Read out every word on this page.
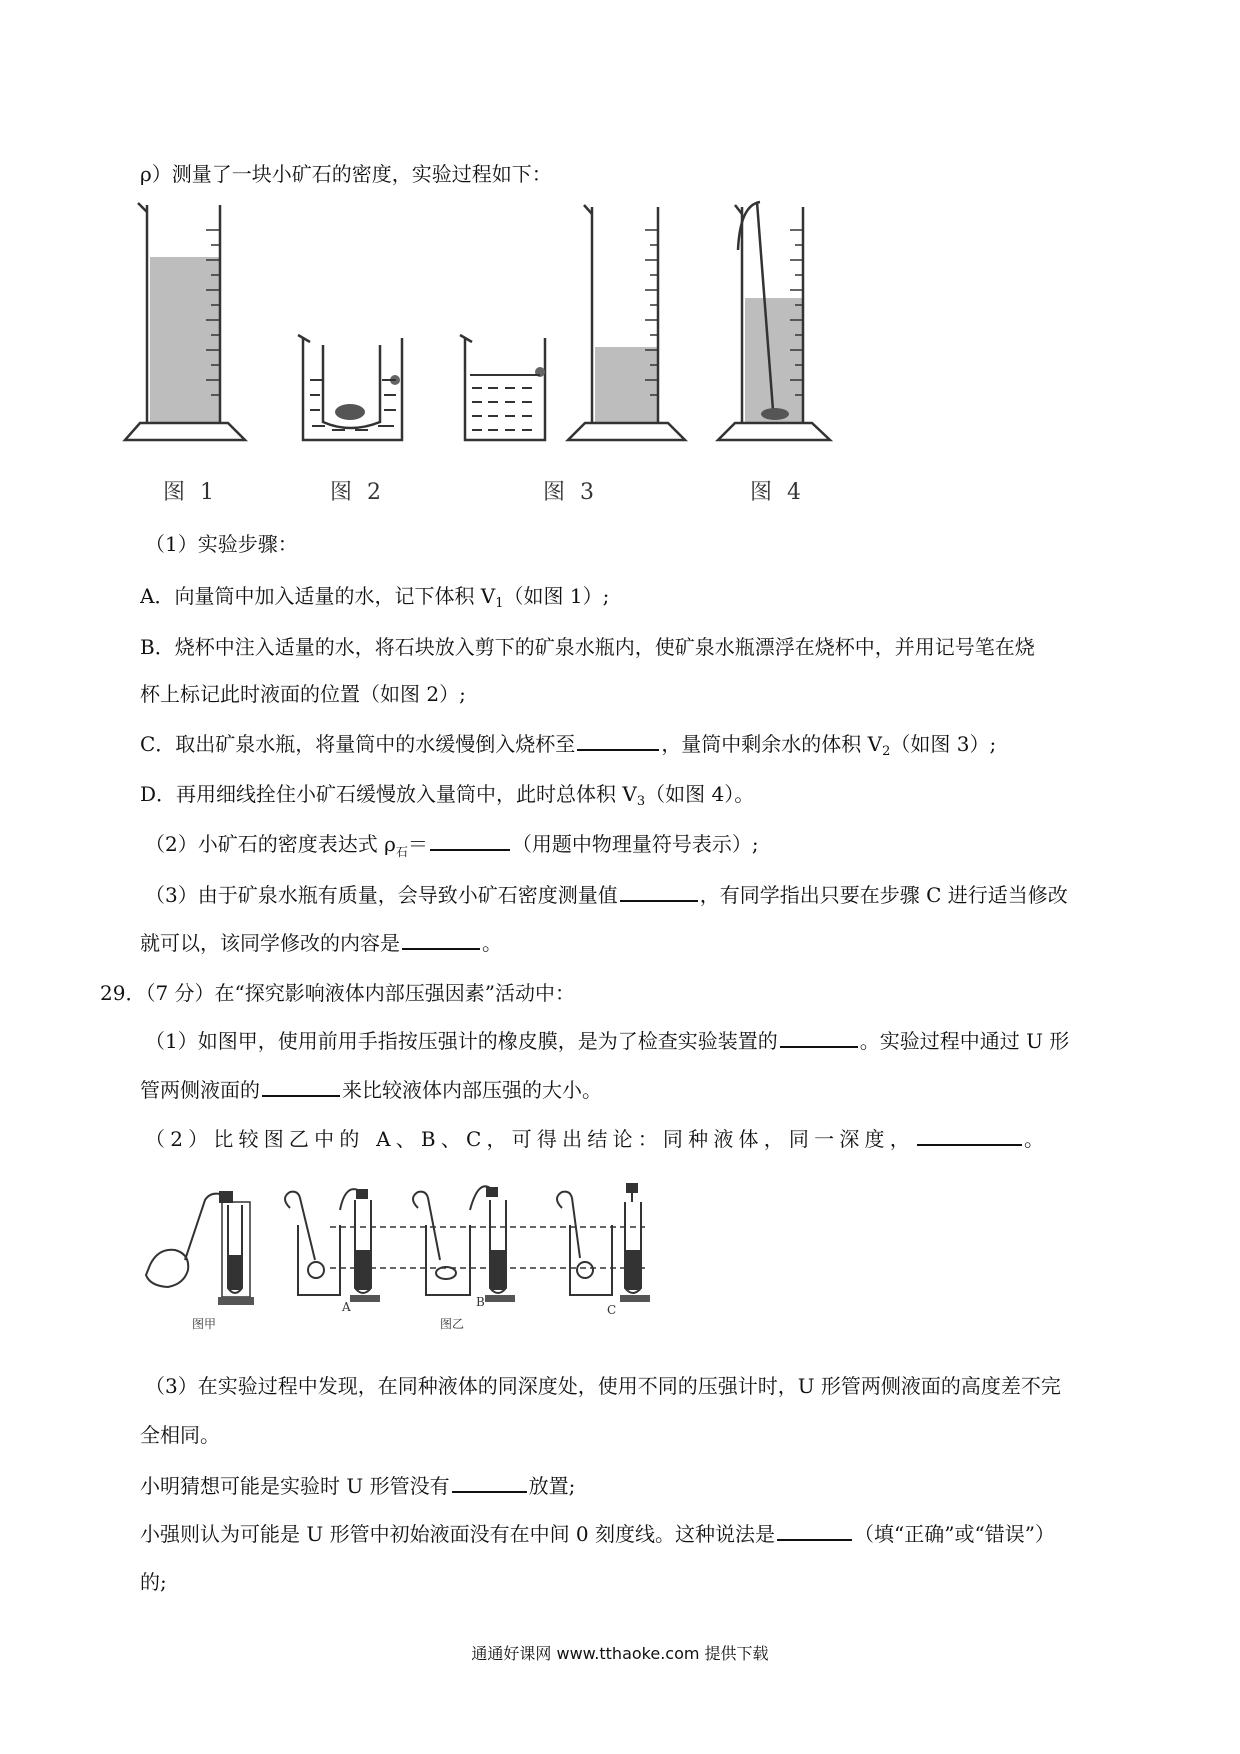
ρ）测量了一块小矿石的密度，实验过程如下：
图 1	图 2	图 3	图 4
（1）实验步骤：
A．向量筒中加入适量的水，记下体积 $V_1$（如图 1）;
B．烧杯中注入适量的水，将石块放入剪下的矿泉水瓶内，使矿泉水瓶漂浮在烧杯中，并用记号笔在烧
杯上标记此时液面的位置（如图 2）;
C．取出矿泉水瓶，将量筒中的水缓慢倒入烧杯至	，量筒中剩余水的体积 $V_2$（如图 3）;
D．再用细线拴住小矿石缓慢放入量筒中，此时总体积 $V_3$（如图 4）。
（2）小矿石的密度表达式 $\rho_石=$	（用题中物理量符号表示）;
（3）由于矿泉水瓶有质量，会导致小矿石密度测量值	，有同学指出只要在步骤 C 进行适当修改
就可以，该同学修改的内容是	。
29．（7 分）在“探究影响液体内部压强因素”活动中：
（1）如图甲，使用前用手指按压强计的橡皮膜，是为了检查实验装置的	。实验过程中通过 U 形
管两侧液面的	来比较液体内部压强的大小。
（2）比较图乙中的 A、B、C，可得出结论：同种液体，同一深度，	。
图甲
A	B
图乙
C
（3）在实验过程中发现，在同种液体的同深度处，使用不同的压强计时，U 形管两侧液面的高度差不完
全相同。
小明猜想可能是实验时 U 形管没有	放置;
小强则认为可能是 U 形管中初始液面没有在中间 0 刻度线。这种说法是	（填“正确”或“错误”）
的;
通通好课网 www.tthaoke.com 提供下载
